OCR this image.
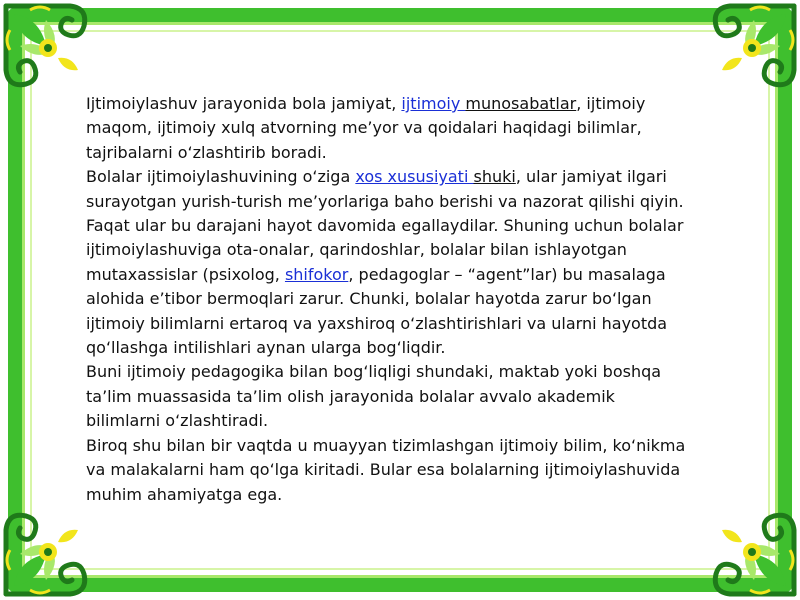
Ijtimoiylashuv jarayonida bola jamiyat, ijtimoiy munosabatlar, ijtimoiy maqom, ijtimoiy xulq atvorning me’yor va qoidalari haqidagi bilimlar, tajribalarni o‘zlashtirib boradi.

Bolalar ijtimoiylashuvining o‘ziga xos xususiyati shuki, ular jamiyat ilgari surayotgan yurish-turish me’yorlariga baho berishi va nazorat qilishi qiyin. Faqat ular bu darajani hayot davomida egallaydilar. Shuning uchun bolalar ijtimoiylashuviga ota-onalar, qarindoshlar, bolalar bilan ishlayotgan mutaxassislar (psixolog, shifokor, pedagoglar – “agent”lar) bu masalaga alohida e’tibor bermoqlari zarur. Chunki, bolalar hayotda zarur bo‘lgan ijtimoiy bilimlarni ertaroq va yaxshiroq o‘zlashtirishlari va ularni hayotda qo‘llashga intilishlari aynan ularga bog‘liqdir.

Buni ijtimoiy pedagogika bilan bog‘liqligi shundaki, maktab yoki boshqa ta’lim muassasida ta’lim olish jarayonida bolalar avvalo akademik bilimlarni o‘zlashtiradi.

Biroq shu bilan bir vaqtda u muayyan tizimlashgan ijtimoiy bilim, ko‘nikma va malakalarni ham qo‘lga kiritadi. Bular esa bolalarning ijtimoiylashuvida muhim ahamiyatga ega.
